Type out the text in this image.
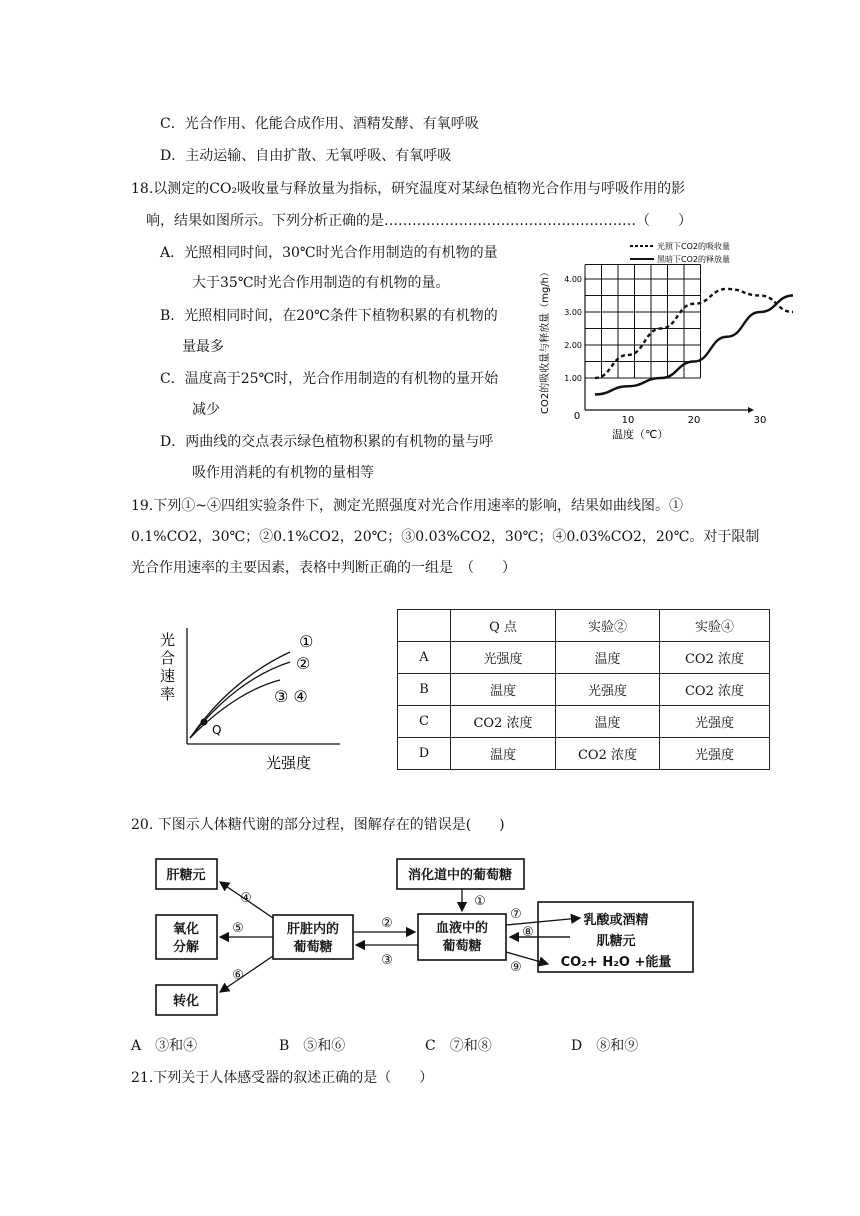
C．光合作用、化能合成作用、酒精发酵、有氧呼吸
D．主动运输、自由扩散、无氧呼吸、有氧呼吸
18.以测定的CO₂吸收量与释放量为指标，研究温度对某绿色植物光合作用与呼吸作用的影
响，结果如图所示。下列分析正确的是………………………………………………（　　）
A．光照相同时间，30℃时光合作用制造的有机物的量
大于35℃时光合作用制造的有机物的量。
B．光照相同时间，在20℃条件下植物积累的有机物的
量最多
C．温度高于25℃时，光合作用制造的有机物的量开始
减少
D．两曲线的交点表示绿色植物积累的有机物的量与呼
吸作用消耗的有机物的量相等
1.00
2.00
3.00
4.00
0	10	20	30
CO2的吸收量与释放量（mg/h）
温度（℃）
光照下CO2的吸收量
黑暗下CO2的释放量
19.下列①~④四组实验条件下，测定光照强度对光合作用速率的影响，结果如曲线图。①
0.1%CO2，30℃；②0.1%CO2，20℃；③0.03%CO2，30℃；④0.03%CO2，20℃。对于限制
光合作用速率的主要因素，表格中判断正确的一组是　（　　）
光
合
速
率
Q
①
②
③ ④
光强度
	Q 点	实验②	实验④
A	光强度	温度	CO2 浓度
B	温度	光强度	CO2 浓度
C	CO2 浓度	温度	光强度
D	温度	CO2 浓度	光强度
20. 下图示人体糖代谢的部分过程，图解存在的错误是(　　)
肝糖元
氧化
分解
转化
肝脏内的
葡萄糖
消化道中的葡萄糖
血液中的
葡萄糖
乳酸或酒精
肌糖元
CO₂+ H₂O +能量
④
⑤
⑥
②
③
①
⑦
⑧
⑨
A　③和④	B　⑤和⑥	C　⑦和⑧	D　⑧和⑨
21.下列关于人体感受器的叙述正确的是（　　）
